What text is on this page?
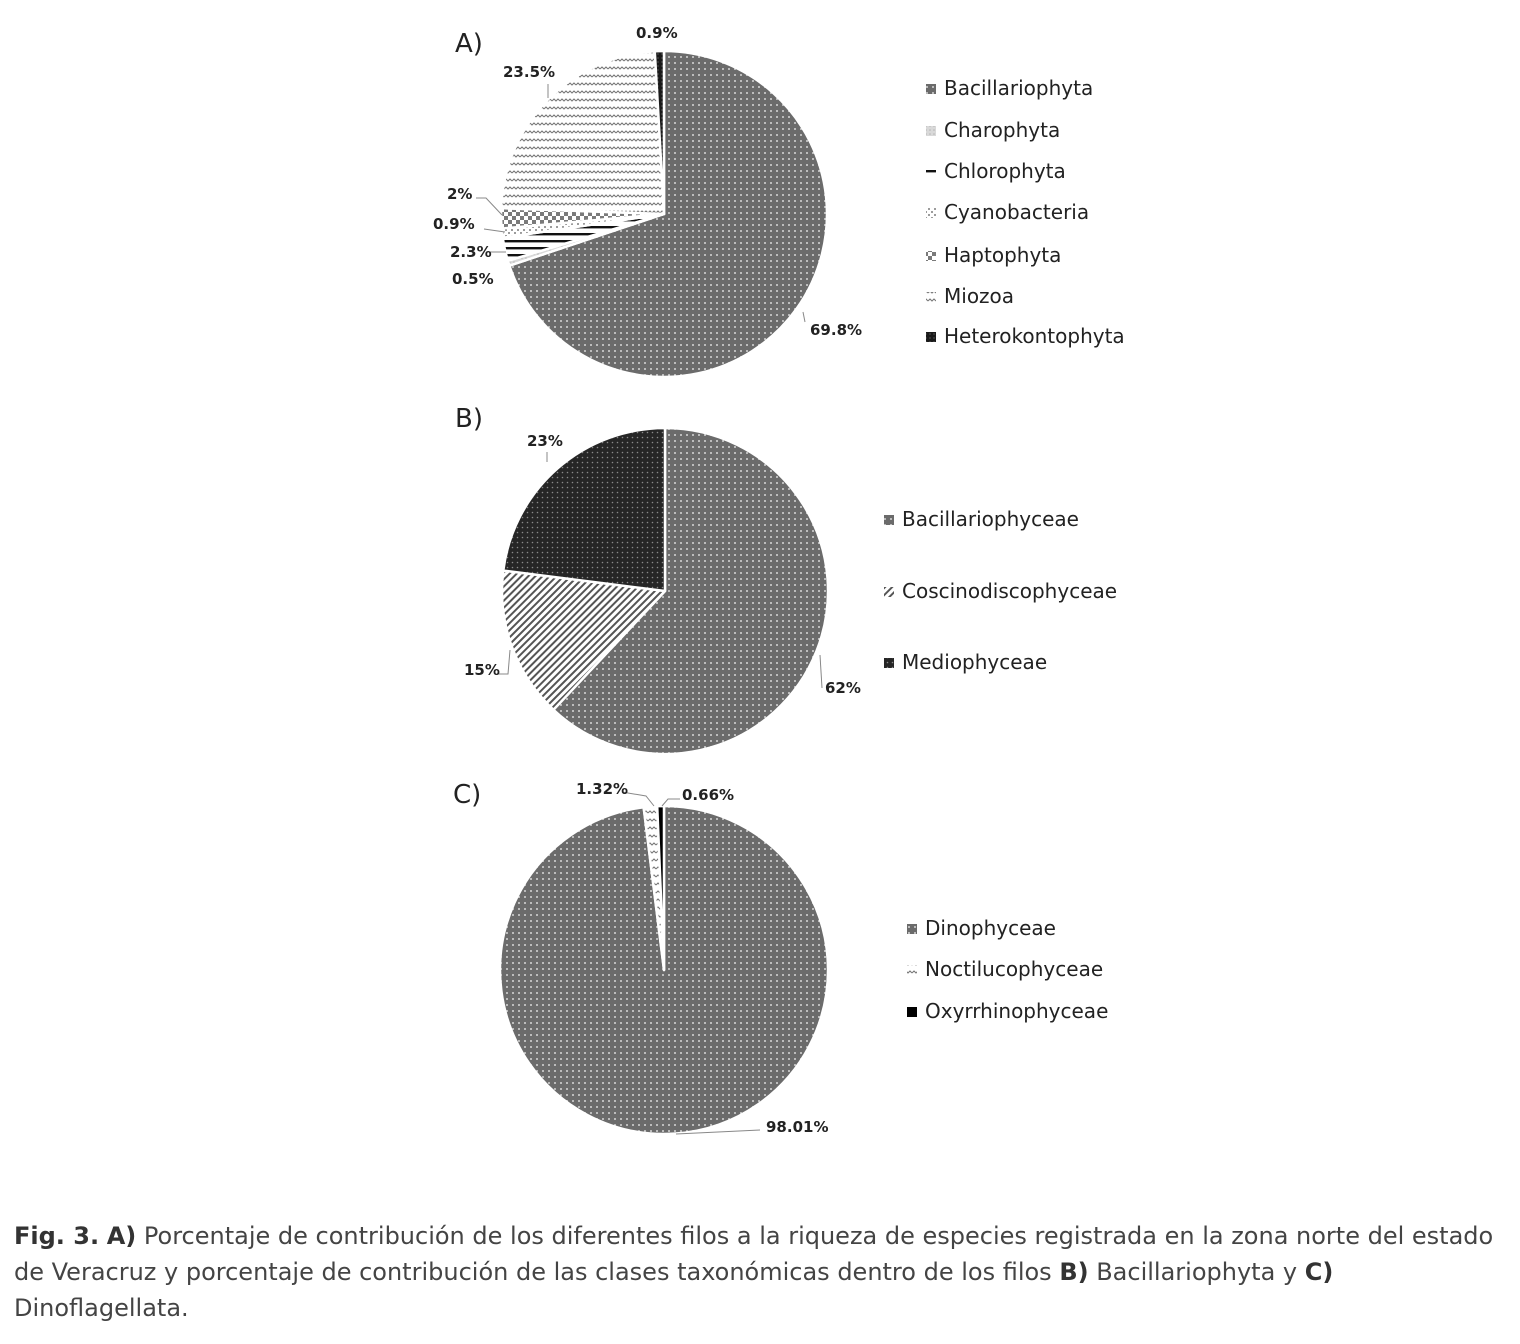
A)
69.8%
0.5%
2.3%
0.9%
2%
23.5%
0.9%
Bacillariophyta
Charophyta
Chlorophyta
Cyanobacteria
Haptophyta
Miozoa
Heterokontophyta
B)
62%
15%
23%
Bacillariophyceae
Coscinodiscophyceae
Mediophyceae
C)
98.01%
1.32%	0.66%
Dinophyceae
Noctilucophyceae
Oxyrrhinophyceae
Fig. 3. A) Porcentaje de contribución de los diferentes filos a la riqueza de especies registrada en la zona norte del estado de Veracruz y porcentaje de contribución de las clases taxonómicas dentro de los filos B) Bacillariophyta y C) Dinoflagellata.
